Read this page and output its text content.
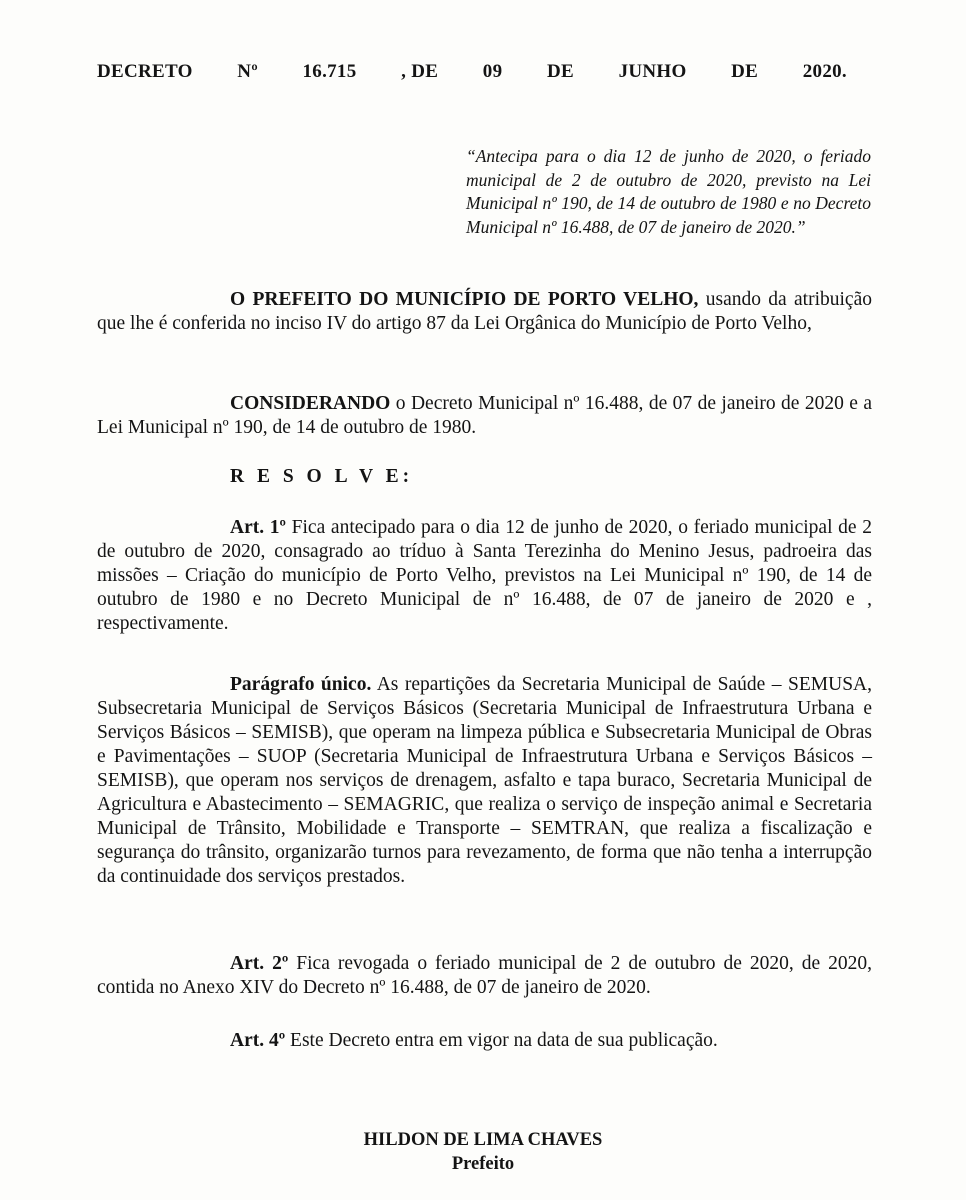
DECRETO Nº 16.715 , DE 09 DE JUNHO DE 2020.
“Antecipa para o dia 12 de junho de 2020, o feriado municipal de 2 de outubro de 2020, previsto na Lei Municipal nº 190, de 14 de outubro de 1980 e no Decreto Municipal nº 16.488, de 07 de janeiro de 2020.”
O PREFEITO DO MUNICÍPIO DE PORTO VELHO, usando da atribuição que lhe é conferida no inciso IV do artigo 87 da Lei Orgânica do Município de Porto Velho,
CONSIDERANDO o Decreto Municipal nº 16.488, de 07 de janeiro de 2020 e a Lei Municipal nº 190, de 14 de outubro de 1980.
R E S O L V E:
Art. 1º Fica antecipado para o dia 12 de junho de 2020, o feriado municipal de 2 de outubro de 2020, consagrado ao tríduo à Santa Terezinha do Menino Jesus, padroeira das missões – Criação do município de Porto Velho, previstos na Lei Municipal nº 190, de 14 de outubro de 1980 e no Decreto Municipal de nº 16.488, de 07 de janeiro de 2020 e , respectivamente.
Parágrafo único. As repartições da Secretaria Municipal de Saúde – SEMUSA, Subsecretaria Municipal de Serviços Básicos (Secretaria Municipal de Infraestrutura Urbana e Serviços Básicos – SEMISB), que operam na limpeza pública e Subsecretaria Municipal de Obras e Pavimentações – SUOP (Secretaria Municipal de Infraestrutura Urbana e Serviços Básicos – SEMISB), que operam nos serviços de drenagem, asfalto e tapa buraco, Secretaria Municipal de Agricultura e Abastecimento – SEMAGRIC, que realiza o serviço de inspeção animal e Secretaria Municipal de Trânsito, Mobilidade e Transporte – SEMTRAN, que realiza a fiscalização e segurança do trânsito, organizarão turnos para revezamento, de forma que não tenha a interrupção da continuidade dos serviços prestados.
Art. 2º Fica revogada o feriado municipal de 2 de outubro de 2020, de 2020, contida no Anexo XIV do Decreto nº 16.488, de 07 de janeiro de 2020.
Art. 4º Este Decreto entra em vigor na data de sua publicação.
HILDON DE LIMA CHAVES
Prefeito
